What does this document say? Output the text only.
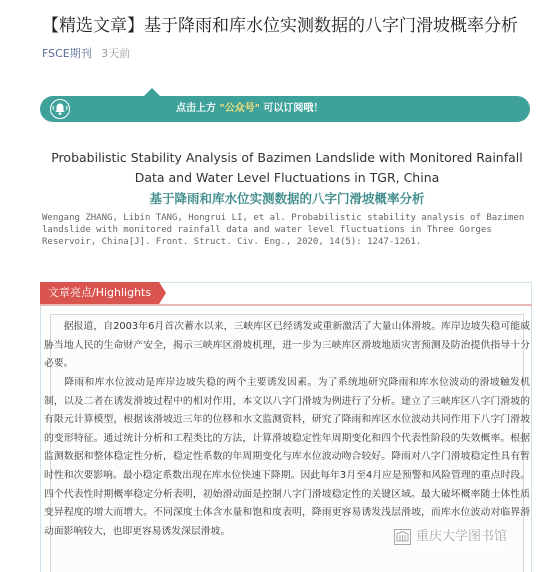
【精选文章】基于降雨和库水位实测数据的八字门滑坡概率分析
FSCE期刊 3天前
点击上方 "公众号" 可以订阅哦！
Probabilistic Stability Analysis of Bazimen Landslide with Monitored Rainfall Data and Water Level Fluctuations in TGR, China
基于降雨和库水位实测数据的八字门滑坡概率分析
Wengang ZHANG, Libin TANG, Hongrui LI, et al. Probabilistic stability analysis of Bazimen landslide with monitored rainfall data and water level fluctuations in Three Gorges Reservoir, China[J]. Front. Struct. Civ. Eng., 2020, 14(5): 1247-1261.
文章亮点/Highlights
　　据报道，自2003年6月首次蓄水以来，三峡库区已经诱发或重新激活了大量山体滑坡。库岸边坡失稳可能威胁当地人民的生命财产安全，揭示三峡库区滑坡机理，进一步为三峡库区滑坡地质灾害预测及防治提供指导十分必要。
　　降雨和库水位波动是库岸边坡失稳的两个主要诱发因素。为了系统地研究降雨和库水位波动的滑坡触发机制，以及二者在诱发滑坡过程中的相对作用，本文以八字门滑坡为例进行了分析。建立了三峡库区八字门滑坡的有限元计算模型，根据该滑坡近三年的位移和水文监测资料，研究了降雨和库区水位波动共同作用下八字门滑坡的变形特征。通过统计分析和工程类比的方法，计算滑坡稳定性年周期变化和四个代表性阶段的失效概率。根据监测数据和整体稳定性分析，稳定性系数的年周期变化与库水位波动吻合较好。降雨对八字门滑坡稳定性具有暂时性和次要影响。最小稳定系数出现在库水位快速下降期。因此每年3月至4月应是预警和风险管理的重点时段。四个代表性时期概率稳定分析表明，初始滑动面是控制八字门滑坡稳定性的关键区域。最大破坏概率随土体性质变异程度的增大而增大。不同深度土体含水量和饱和度表明，降雨更容易诱发浅层滑坡，而库水位波动对临界滑动面影响较大，也即更容易诱发深层滑坡。	重庆大学图书馆
